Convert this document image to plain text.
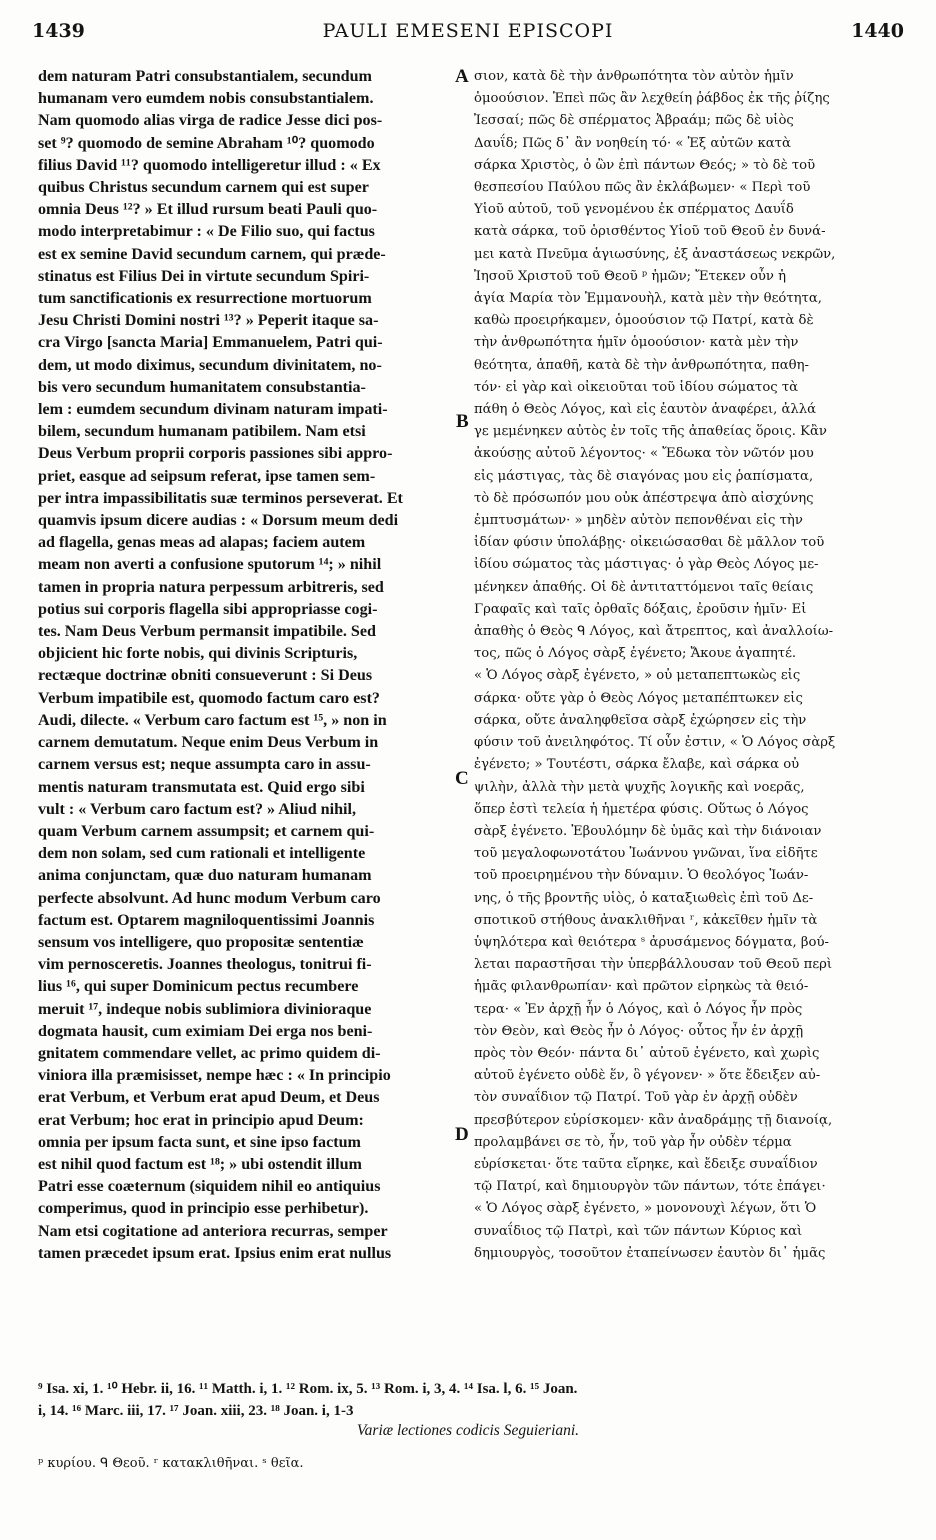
1439	PAULI EMESENI EPISCOPI	1440
dem naturam Patri consubstantialem, secundum
humanam vero eumdem nobis consubstantialem.
Nam quomodo alias virga de radice Jesse dici pos-
set ⁹? quomodo de semine Abraham ¹⁰? quomodo
filius David ¹¹? quomodo intelligeretur illud : « Ex
quibus Christus secundum carnem qui est super
omnia Deus ¹²? » Et illud rursum beati Pauli quo-
modo interpretabimur : « De Filio suo, qui factus
est ex semine David secundum carnem, qui præde-
stinatus est Filius Dei in virtute secundum Spiri-
tum sanctificationis ex resurrectione mortuorum
Jesu Christi Domini nostri ¹³? » Peperit itaque sa-
cra Virgo [sancta Maria] Emmanuelem, Patri qui-
dem, ut modo diximus, secundum divinitatem, no-
bis vero secundum humanitatem consubstantia-
lem : eumdem secundum divinam naturam impati-
bilem, secundum humanam patibilem. Nam etsi
Deus Verbum proprii corporis passiones sibi appro-
priet, easque ad seipsum referat, ipse tamen sem-
per intra impassibilitatis suæ terminos perseverat. Et
quamvis ipsum dicere audias : « Dorsum meum dedi
ad flagella, genas meas ad alapas; faciem autem
meam non averti a confusione sputorum ¹⁴; » nihil
tamen in propria natura perpessum arbitreris, sed
potius sui corporis flagella sibi appropriasse cogi-
tes. Nam Deus Verbum permansit impatibile. Sed
objicient hic forte nobis, qui divinis Scripturis,
rectæque doctrinæ obniti consueverunt : Si Deus
Verbum impatibile est, quomodo factum caro est?
Audi, dilecte. « Verbum caro factum est ¹⁵, » non in
carnem demutatum. Neque enim Deus Verbum in
carnem versus est; neque assumpta caro in assu-
mentis naturam transmutata est. Quid ergo sibi
vult : « Verbum caro factum est? » Aliud nihil,
quam Verbum carnem assumpsit; et carnem qui-
dem non solam, sed cum rationali et intelligente
anima conjunctam, quæ duo naturam humanam
perfecte absolvunt. Ad hunc modum Verbum caro
factum est. Optarem magniloquentissimi Joannis
sensum vos intelligere, quo propositæ sententiæ
vim pernosceretis. Joannes theologus, tonitrui fi-
lius ¹⁶, qui super Dominicum pectus recumbere
meruit ¹⁷, indeque nobis sublimiora divinioraque
dogmata hausit, cum eximiam Dei erga nos beni-
gnitatem commendare vellet, ac primo quidem di-
viniora illa præmisisset, nempe hæc : « In principio
erat Verbum, et Verbum erat apud Deum, et Deus
erat Verbum; hoc erat in principio apud Deum:
omnia per ipsum facta sunt, et sine ipso factum
est nihil quod factum est ¹⁸; » ubi ostendit illum
Patri esse coæternum (siquidem nihil eo antiquius
comperimus, quod in principio esse perhibetur).
Nam etsi cogitatione ad anteriora recurras, semper
tamen præcedet ipsum erat. Ipsius enim erat nullus
σιον, κατὰ δὲ τὴν ἀνθρωπότητα τὸν αὐτὸν ἡμῖν
ὁμοούσιον. Ἐπεὶ πῶς ἂν λεχθείη ῥάβδος ἐκ τῆς ῥίζης
Ἰεσσαί; πῶς δὲ σπέρματος Ἀβραάμ; πῶς δὲ υἱὸς
Δαυΐδ; Πῶς δ᾽ ἂν νοηθείη τό· « Ἐξ αὐτῶν κατὰ
σάρκα Χριστὸς, ὁ ὢν ἐπὶ πάντων Θεός; » τὸ δὲ τοῦ
θεσπεσίου Παύλου πῶς ἂν ἐκλάβωμεν· « Περὶ τοῦ
Υἱοῦ αὐτοῦ, τοῦ γενομένου ἐκ σπέρματος Δαυΐδ
κατὰ σάρκα, τοῦ ὁρισθέντος Υἱοῦ τοῦ Θεοῦ ἐν δυνά-
μει κατὰ Πνεῦμα ἁγιωσύνης, ἐξ ἀναστάσεως νεκρῶν,
Ἰησοῦ Χριστοῦ τοῦ Θεοῦ ᵖ ἡμῶν; Ἔτεκεν οὖν ἡ
ἁγία Μαρία τὸν Ἐμμανουὴλ, κατὰ μὲν τὴν θεότητα,
καθὼ προειρήκαμεν, ὁμοούσιον τῷ Πατρί, κατὰ δὲ
τὴν ἀνθρωπότητα ἡμῖν ὁμοούσιον· κατὰ μὲν τὴν
θεότητα, ἀπαθῆ, κατὰ δὲ τὴν ἀνθρωπότητα, παθη-
τόν· εἰ γὰρ καὶ οἰκειοῦται τοῦ ἰδίου σώματος τὰ
πάθη ὁ Θεὸς Λόγος, καὶ εἰς ἑαυτὸν ἀναφέρει, ἀλλά
γε μεμένηκεν αὐτὸς ἐν τοῖς τῆς ἀπαθείας ὅροις. Κἂν
ἀκούσῃς αὐτοῦ λέγοντος· « Ἔδωκα τὸν νῶτόν μου
εἰς μάστιγας, τὰς δὲ σιαγόνας μου εἰς ῥαπίσματα,
τὸ δὲ πρόσωπόν μου οὐκ ἀπέστρεψα ἀπὸ αἰσχύνης
ἐμπτυσμάτων· » μηδὲν αὐτὸν πεπονθέναι εἰς τὴν
ἰδίαν φύσιν ὑπολάβῃς· οἰκειώσασθαι δὲ μᾶλλον τοῦ
ἰδίου σώματος τὰς μάστιγας· ὁ γὰρ Θεὸς Λόγος με-
μένηκεν ἀπαθής. Οἱ δὲ ἀντιταττόμενοι ταῖς θείαις
Γραφαῖς καὶ ταῖς ὀρθαῖς δόξαις, ἐροῦσιν ἡμῖν· Εἰ
ἀπαθὴς ὁ Θεὸς ᑫ Λόγος, καὶ ἄτρεπτος, καὶ ἀναλλοίω-
τος, πῶς ὁ Λόγος σὰρξ ἐγένετο; Ἄκουε ἀγαπητέ.
« Ὁ Λόγος σὰρξ ἐγένετο, » οὐ μεταπεπτωκὼς εἰς
σάρκα· οὔτε γὰρ ὁ Θεὸς Λόγος μεταπέπτωκεν εἰς
σάρκα, οὔτε ἀναληφθεῖσα σὰρξ ἐχώρησεν εἰς τὴν
φύσιν τοῦ ἀνειληφότος. Τί οὖν ἐστιν, « Ὁ Λόγος σὰρξ
ἐγένετο; » Τουτέστι, σάρκα ἔλαβε, καὶ σάρκα οὐ
ψιλὴν, ἀλλὰ τὴν μετὰ ψυχῆς λογικῆς καὶ νοερᾶς,
ὅπερ ἐστὶ τελεία ἡ ἡμετέρα φύσις. Οὕτως ὁ Λόγος
σὰρξ ἐγένετο. Ἐβουλόμην δὲ ὑμᾶς καὶ τὴν διάνοιαν
τοῦ μεγαλοφωνοτάτου Ἰωάννου γνῶναι, ἵνα εἰδῆτε
τοῦ προειρημένου τὴν δύναμιν. Ὁ θεολόγος Ἰωάν-
νης, ὁ τῆς βροντῆς υἱὸς, ὁ καταξιωθεὶς ἐπὶ τοῦ Δε-
σποτικοῦ στήθους ἀνακλιθῆναι ʳ, κἀκεῖθεν ἡμῖν τὰ
ὑψηλότερα καὶ θειότερα ˢ ἀρυσάμενος δόγματα, βού-
λεται παραστῆσαι τὴν ὑπερβάλλουσαν τοῦ Θεοῦ περὶ
ἡμᾶς φιλανθρωπίαν· καὶ πρῶτον εἰρηκὼς τὰ θειό-
τερα· « Ἐν ἀρχῇ ἦν ὁ Λόγος, καὶ ὁ Λόγος ἦν πρὸς
τὸν Θεὸν, καὶ Θεὸς ἦν ὁ Λόγος· οὗτος ἦν ἐν ἀρχῇ
πρὸς τὸν Θεόν· πάντα δι᾽ αὐτοῦ ἐγένετο, καὶ χωρὶς
αὐτοῦ ἐγένετο οὐδὲ ἕν, ὃ γέγονεν· » ὅτε ἔδειξεν αὐ-
τὸν συναΐδιον τῷ Πατρί. Τοῦ γὰρ ἐν ἀρχῇ οὐδὲν
πρεσβύτερον εὑρίσκομεν· κἂν ἀναδράμῃς τῇ διανοίᾳ,
προλαμβάνει σε τὸ, ἦν, τοῦ γὰρ ἦν οὐδὲν τέρμα
εὑρίσκεται· ὅτε ταῦτα εἴρηκε, καὶ ἔδειξε συναΐδιον
τῷ Πατρί, καὶ δημιουργὸν τῶν πάντων, τότε ἐπάγει·
« Ὁ Λόγος σὰρξ ἐγένετο, » μονονουχὶ λέγων, ὅτι Ὁ
συναΐδιος τῷ Πατρὶ, καὶ τῶν πάντων Κύριος καὶ
δημιουργὸς, τοσοῦτον ἐταπείνωσεν ἑαυτὸν δι᾽ ἡμᾶς
A
B
C
D
⁹ Isa. xi, 1. ¹⁰ Hebr. ii, 16. ¹¹ Matth. i, 1. ¹² Rom. ix, 5. ¹³ Rom. i, 3, 4. ¹⁴ Isa. l, 6. ¹⁵ Joan.
i, 14. ¹⁶ Marc. iii, 17. ¹⁷ Joan. xiii, 23. ¹⁸ Joan. i, 1-3
Variæ lectiones codicis Seguieriani.
ᵖ κυρίου. ᑫ Θεοῦ. ʳ κατακλιθῆναι. ˢ θεῖα.
